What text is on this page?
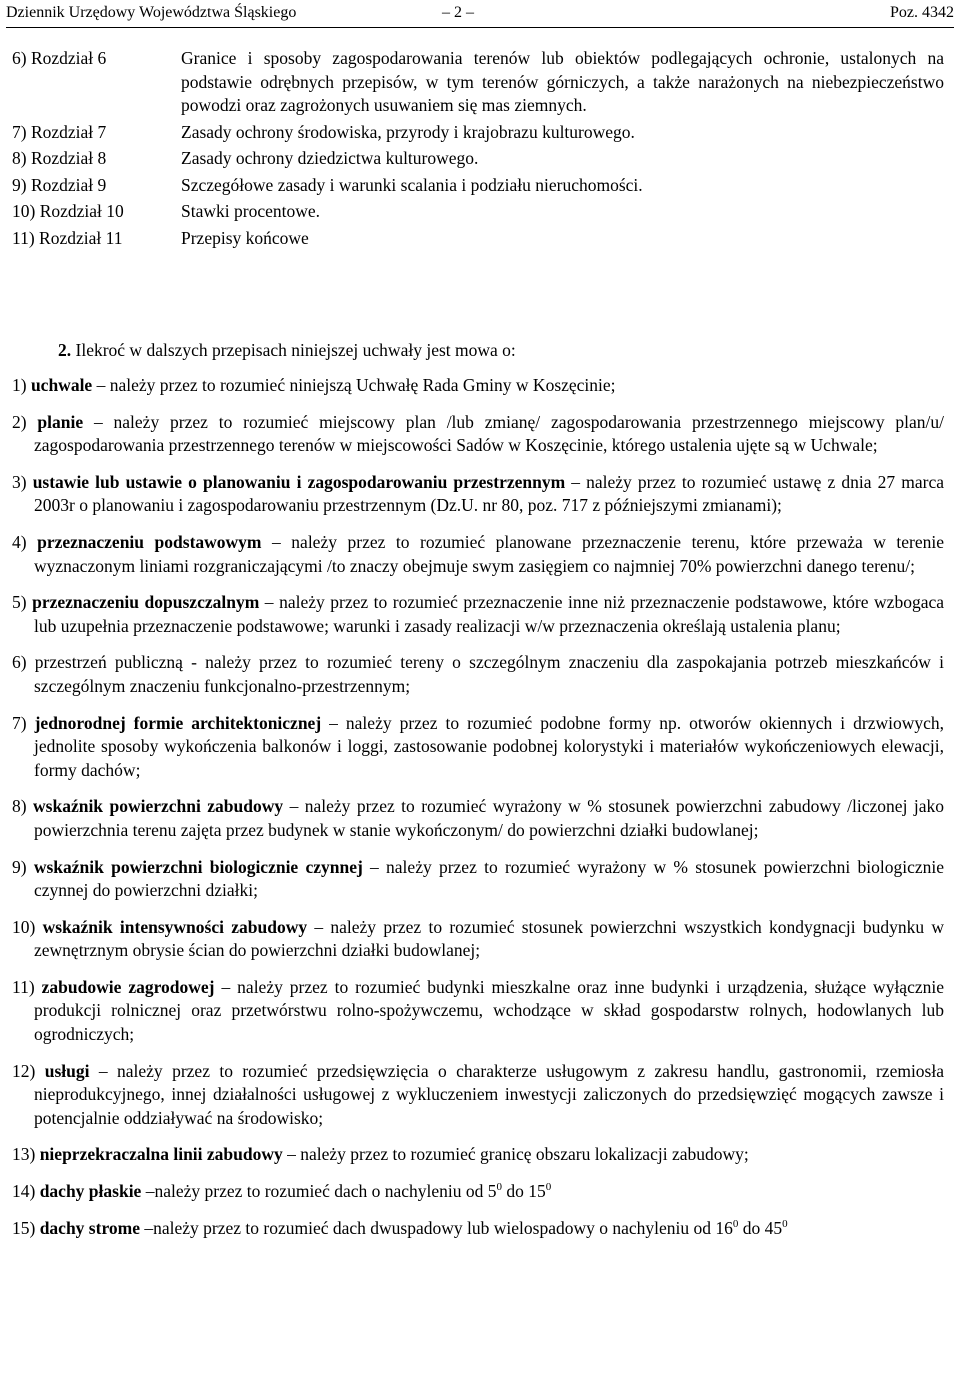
Dziennik Urzędowy Województwa Śląskiego	– 2 –	Poz. 4342
6) Rozdział 6	Granice i sposoby zagospodarowania terenów lub obiektów podlegających ochronie, ustalonych na podstawie odrębnych przepisów, w tym terenów górniczych, a także narażonych na niebezpieczeństwo powodzi oraz zagrożonych usuwaniem się mas ziemnych.
7) Rozdział 7	Zasady ochrony środowiska, przyrody i krajobrazu kulturowego.
8) Rozdział 8	Zasady ochrony dziedzictwa kulturowego.
9) Rozdział 9	Szczegółowe zasady i warunki scalania i podziału nieruchomości.
10) Rozdział 10	Stawki procentowe.
11) Rozdział 11	Przepisy końcowe
2. Ilekroć w dalszych przepisach niniejszej uchwały jest mowa o:
1) uchwale – należy przez to rozumieć niniejszą Uchwałę Rada Gminy w Koszęcinie;
2) planie – należy przez to rozumieć miejscowy plan /lub zmianę/ zagospodarowania przestrzennego miejscowy plan/u/ zagospodarowania przestrzennego terenów w miejscowości Sadów w Koszęcinie, którego ustalenia ujęte są w Uchwale;
3) ustawie lub ustawie o planowaniu i zagospodarowaniu przestrzennym – należy przez to rozumieć ustawę z dnia 27 marca 2003r o planowaniu i zagospodarowaniu przestrzennym (Dz.U. nr 80, poz. 717 z późniejszymi zmianami);
4) przeznaczeniu podstawowym – należy przez to rozumieć planowane przeznaczenie terenu, które przeważa w terenie wyznaczonym liniami rozgraniczającymi /to znaczy obejmuje swym zasięgiem co najmniej 70% powierzchni danego terenu/;
5) przeznaczeniu dopuszczalnym – należy przez to rozumieć przeznaczenie inne niż przeznaczenie podstawowe, które wzbogaca lub uzupełnia przeznaczenie podstawowe; warunki i zasady realizacji w/w przeznaczenia określają ustalenia planu;
6) przestrzeń publiczną - należy przez to rozumieć tereny o szczególnym znaczeniu dla zaspokajania potrzeb mieszkańców i szczególnym znaczeniu funkcjonalno-przestrzennym;
7) jednorodnej formie architektonicznej – należy przez to rozumieć podobne formy np. otworów okiennych i drzwiowych, jednolite sposoby wykończenia balkonów i loggi, zastosowanie podobnej kolorystyki i materiałów wykończeniowych elewacji, formy dachów;
8) wskaźnik powierzchni zabudowy – należy przez to rozumieć wyrażony w % stosunek powierzchni zabudowy /liczonej jako powierzchnia terenu zajęta przez budynek w stanie wykończonym/ do powierzchni działki budowlanej;
9) wskaźnik powierzchni biologicznie czynnej – należy przez to rozumieć wyrażony w % stosunek powierzchni biologicznie czynnej do powierzchni działki;
10) wskaźnik intensywności zabudowy – należy przez to rozumieć stosunek powierzchni wszystkich kondygnacji budynku w zewnętrznym obrysie ścian do powierzchni działki budowlanej;
11) zabudowie zagrodowej – należy przez to rozumieć budynki mieszkalne oraz inne budynki i urządzenia, służące wyłącznie produkcji rolnicznej oraz przetwórstwu rolno-spożywczemu, wchodzące w skład gospodarstw rolnych, hodowlanych lub ogrodniczych;
12) usługi – należy przez to rozumieć przedsięwzięcia o charakterze usługowym z zakresu handlu, gastronomii, rzemiosła nieprodukcyjnego, innej działalności usługowej z wykluczeniem inwestycji zaliczonych do przedsięwzięć mogących zawsze i potencjalnie oddziaływać na środowisko;
13) nieprzekraczalna linii zabudowy – należy przez to rozumieć granicę obszaru lokalizacji zabudowy;
14) dachy płaskie –należy przez to rozumieć dach o nachyleniu od $5^0$ do $15^0$
15) dachy strome –należy przez to rozumieć dach dwuspadowy lub wielospadowy o nachyleniu od $16^0$ do $45^0$
